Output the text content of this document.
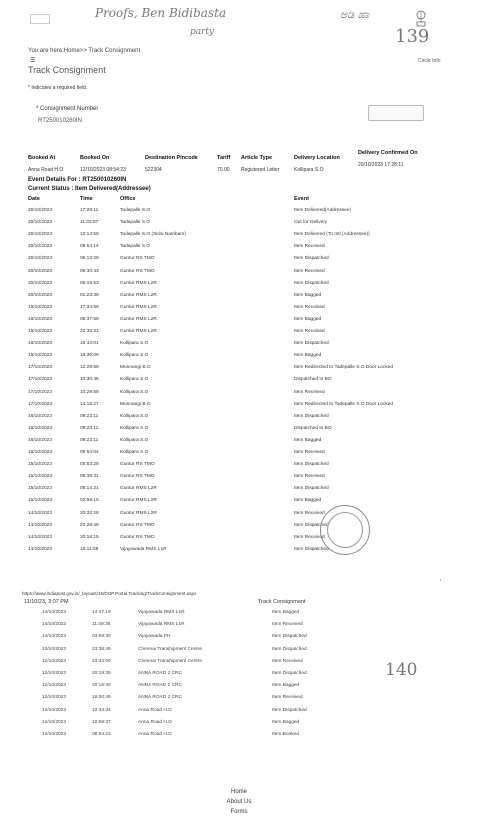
Proofs, Ben Bidibasta
party
ಅಡಿ ಹಾ
139
140
You are here:Home>> Track Consignment
☰	Circle Info
Track Consignment
* Indicates a required field.
* Consignment Number
RT250010260IN
Booked At	Booked On	Destination Pincode	Tariff Article Type	Delivery Location
Delivery Confirmed On
Anna Road H.O	12/10/2023 08:54:23	522304	70.00 Registered Letter	Kollipara S.O
20/10/2023 17:28:11
Event Details For : RT250010260IN
Current Status : Item Delivered(Addressee)
Date	Time	Office	Event
20/10/2023	17:28:11	Tadepalle S.O	Item Delivered(Addressee)
20/10/2023	11:33:57	Tadepalle S.O	Out for Delivery
20/10/2023	10:14:58	Tadepalle S.O (Sirisi Nambam)	Item Delivered (To Intl (Addressee))
20/10/2023	09:54:14	Tadepalle S.O	Item Received
20/10/2023	06:13:29	Guntur RS TMO	Item Dispatched
20/10/2023	06:30:43	Guntur RS TMO	Item Received
20/10/2023	05:15:53	Guntur RMS L2R	Item Dispatched
20/10/2023	01:23:39	Guntur RMS L2R	Item Bagged
19/10/2023	17:34:59	Guntur RMS L2R	Item Received
19/10/2023	05:37:59	Guntur RMS L2R	Item Bagged
18/10/2023	22:35:31	Guntur RMS L2R	Item Received
18/10/2023	16:44:01	Kollipara S.O	Item Dispatched
18/10/2023	16:36:08	Kollipara S.O	Item Bagged
17/10/2023	12:29:59	Munnangi B.O	Item Redirected to Tadepalle S.O Door Locked
17/10/2023	10:30:45	Kollipara S.O	Dispatched to BO
17/10/2023	10:29:59	Kollipara S.O	Item Received
17/10/2023	14:15:27	Munnangi B.O	Item Redirected to Tadepalle S.O Door Locked
16/10/2023	09:23:11	Kollipara S.O	Item Dispatched
16/10/2023	09:23:11	Kollipara S.O	Dispatched to BO
16/10/2023	09:23:11	Kollipara S.O	Item Bagged
16/10/2023	09:54:04	Kollipara S.O	Item Received
15/10/2023	05:53:29	Guntur RS TMO	Item Dispatched
15/10/2023	05:38:31	Guntur RS TMO	Item Received
15/10/2023	05:14:21	Guntur RMS L2R	Item Dispatched
15/10/2023	02:59:15	Guntur RMS L2R	Item Bagged
14/10/2023	20:32:28	Guntur RMS L2R	Item Received
14/10/2023	20:28:46	Guntur RS TMO	Item Dispatched
14/10/2023	20:18:15	Guntur RS TMO	Item Received
14/10/2023	18:11:59	Vijayawada RMS L1R	Item Dispatched
https://www.indiapost.gov.in/_layouts/15/DOP.Portal.Tracking/TrackConsignment.aspx
11/10/23, 3:07 PM	Track Consignment
'
14/10/2023	14:47:19	Vijayawada RMS L1R	Item Bagged
14/10/2023	11:49:38	Vijayawada RMS L1R	Item Received
14/10/2023	03:59:30	Vijayawada PH	Item Dispatched
13/10/2023	23:38:49	Chennai Transhipment Centre	Item Dispatched
12/10/2023	23:34:09	Chennai Transhipment Centre	Item Received
12/10/2023	20:19:39	ANNA ROAD 2 CRC	Item Dispatched
12/10/2023	20:16:40	ANNA ROAD 2 CRC	Item Bagged
12/10/2023	16:00:49	ANNA ROAD 2 CRC	Item Received
12/10/2023	10:34:34	Anna Road H.O	Item Dispatched
12/10/2023	10:59:37	Anna Road H.O	Item Bagged
12/10/2023	08:54:23	Anna Road H.O	Item Booked
Home
About Us
Forms
